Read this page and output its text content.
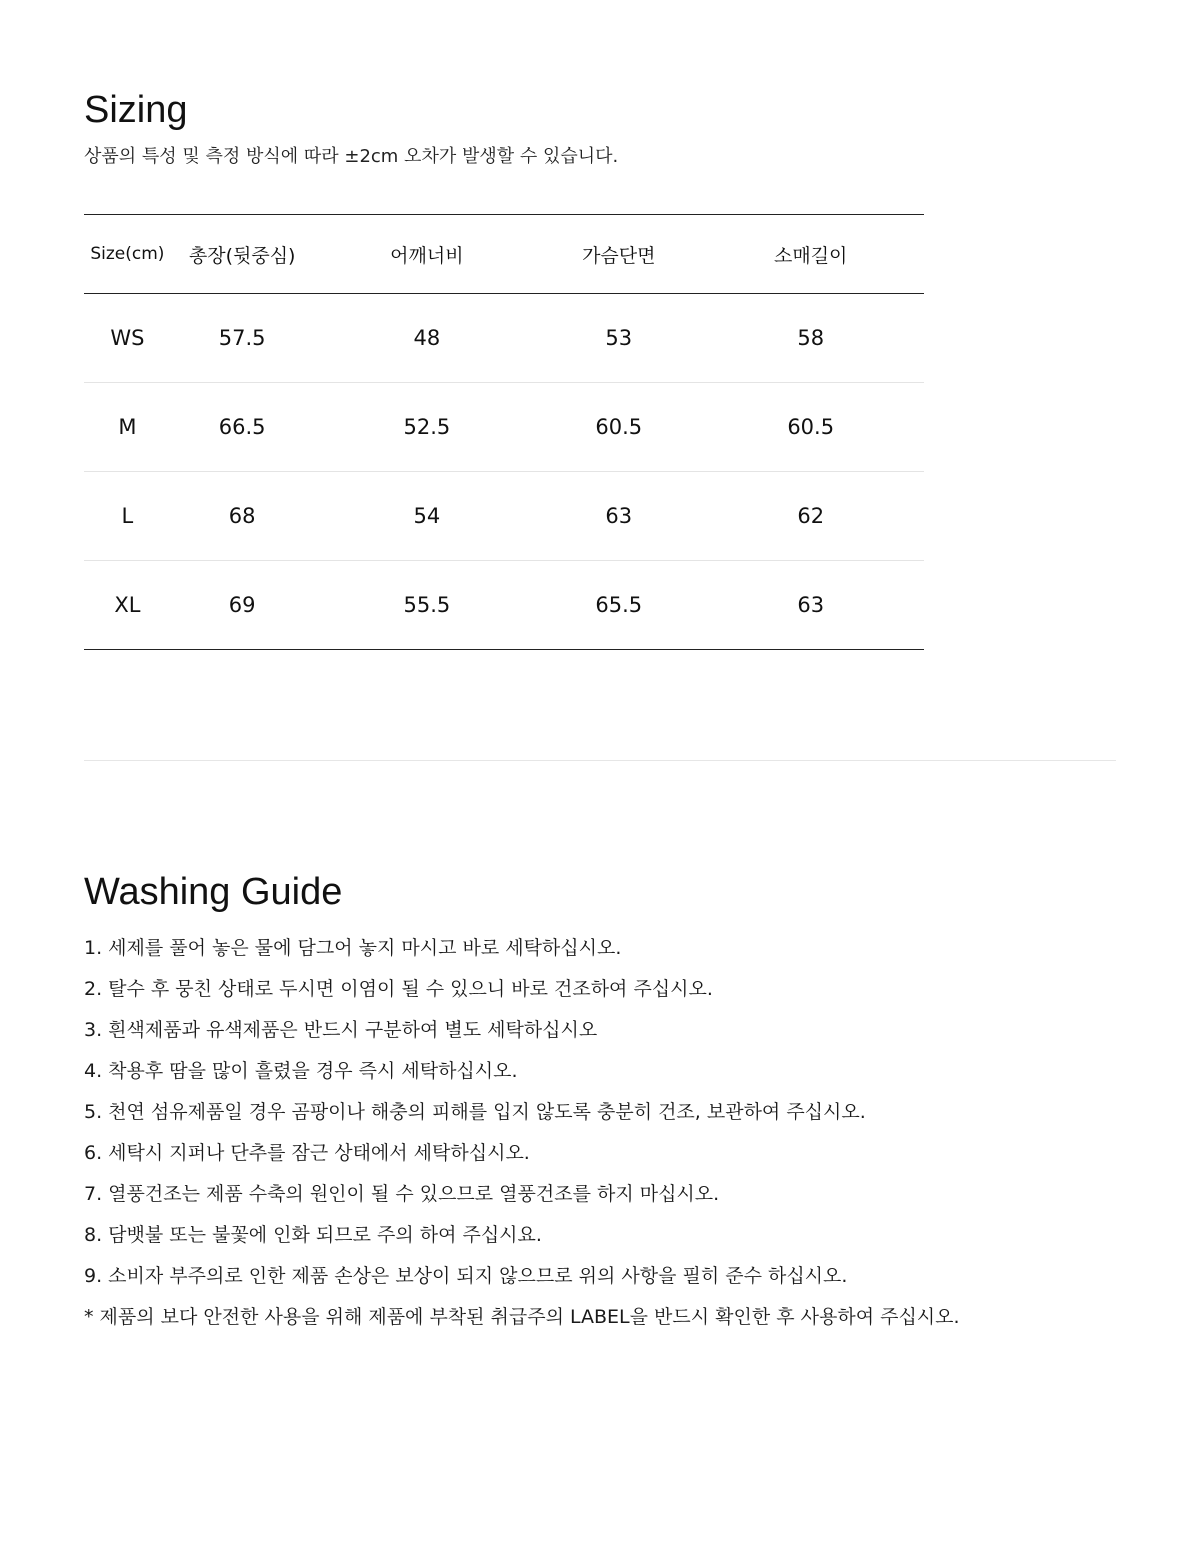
Sizing
상품의 특성 및 측정 방식에 따라 ±2cm 오차가 발생할 수 있습니다.
Size(cm)	총장(뒷중심)	어깨너비	가슴단면	소매길이
WS	57.5	48	53	58
M	66.5	52.5	60.5	60.5
L	68	54	63	62
XL	69	55.5	65.5	63
Washing Guide
1. 세제를 풀어 놓은 물에 담그어 놓지 마시고 바로 세탁하십시오.
2. 탈수 후 뭉친 상태로 두시면 이염이 될 수 있으니 바로 건조하여 주십시오.
3. 흰색제품과 유색제품은 반드시 구분하여 별도 세탁하십시오
4. 착용후 땀을 많이 흘렸을 경우 즉시 세탁하십시오.
5. 천연 섬유제품일 경우 곰팡이나 해충의 피해를 입지 않도록 충분히 건조, 보관하여 주십시오.
6. 세탁시 지퍼나 단추를 잠근 상태에서 세탁하십시오.
7. 열풍건조는 제품 수축의 원인이 될 수 있으므로 열풍건조를 하지 마십시오.
8. 담뱃불 또는 불꽃에 인화 되므로 주의 하여 주십시요.
9. 소비자 부주의로 인한 제품 손상은 보상이 되지 않으므로 위의 사항을 필히 준수 하십시오.
* 제품의 보다 안전한 사용을 위해 제품에 부착된 취급주의 LABEL을 반드시 확인한 후 사용하여 주십시오.
